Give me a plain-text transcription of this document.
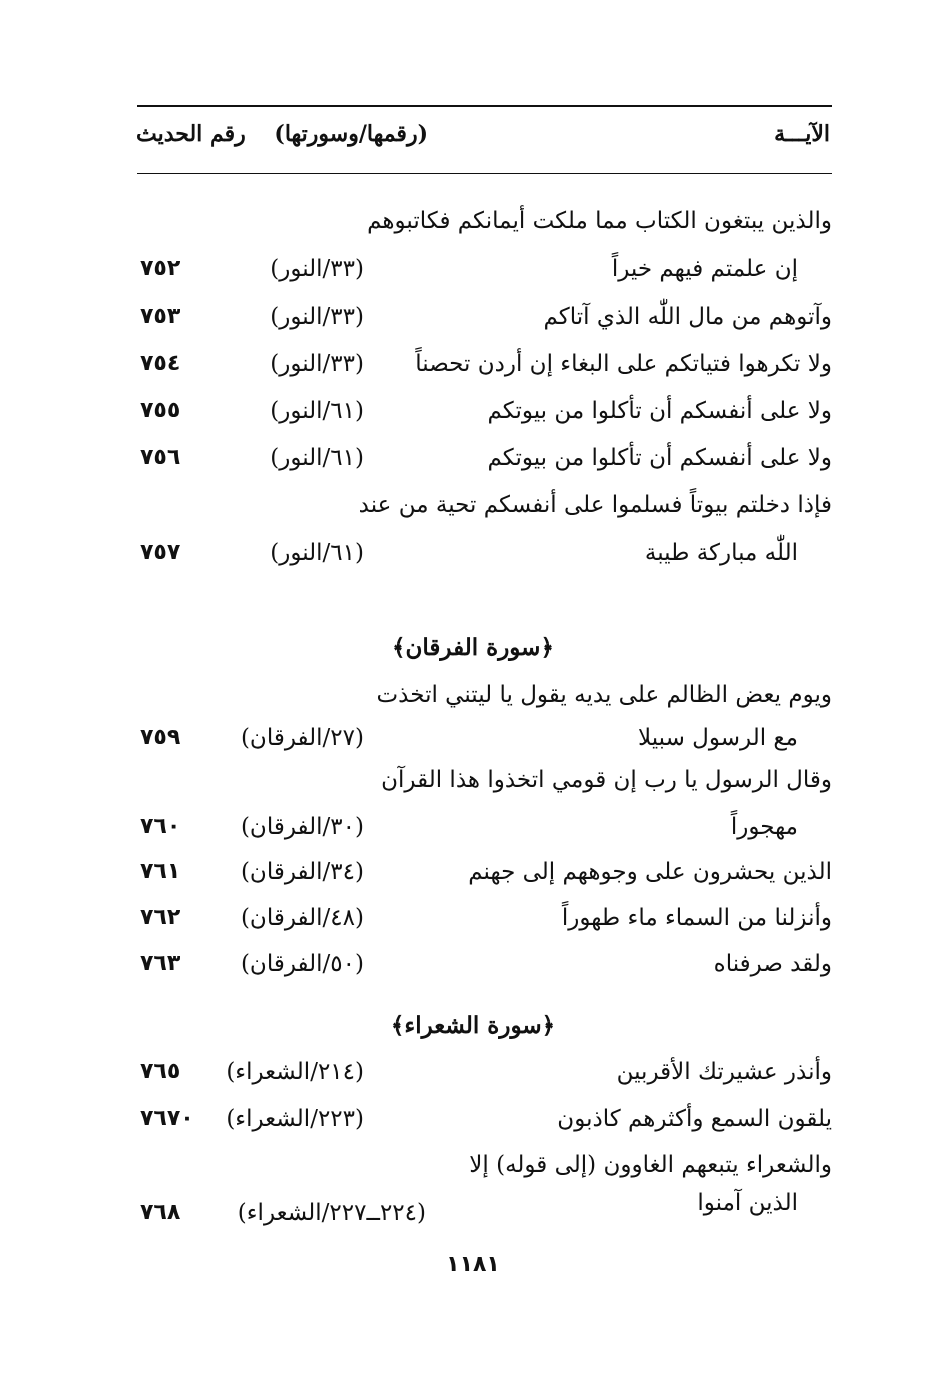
الآيـــة
(رقمها/وسورتها)
رقم الحديث
والذين يبتغون الكتاب مما ملكت أيمانكم فكاتبوهم
إن علمتم فيهم خيراً
(٣٣/النور)
٧٥٢
وآتوهم من مال اللّٰه الذي آتاكم
(٣٣/النور)
٧٥٣
ولا تكرهوا فتياتكم على البغاء إن أردن تحصناً
(٣٣/النور)
٧٥٤
ولا على أنفسكم أن تأكلوا من بيوتكم
(٦١/النور)
٧٥٥
ولا على أنفسكم أن تأكلوا من بيوتكم
(٦١/النور)
٧٥٦
فإذا دخلتم بيوتاً فسلموا على أنفسكم تحية من عند
اللّٰه مباركة طيبة
(٦١/النور)
٧٥٧
﴿سورة الفرقان﴾
ويوم يعض الظالم على يديه يقول يا ليتني اتخذت
مع الرسول سبيلا
(٢٧/الفرقان)
٧٥٩
وقال الرسول يا رب إن قومي اتخذوا هذا القرآن
مهجوراً
(٣٠/الفرقان)
٧٦٠
الذين يحشرون على وجوههم إلى جهنم
(٣٤/الفرقان)
٧٦١
وأنزلنا من السماء ماء طهوراً
(٤٨/الفرقان)
٧٦٢
ولقد صرفناه
(٥٠/الفرقان)
٧٦٣
﴿سورة الشعراء﴾
وأنذر عشيرتك الأقربين
(٢١٤/الشعراء)
٧٦٥
يلقون السمع وأكثرهم كاذبون
(٢٢٣/الشعراء)
٧٦٧٠
والشعراء يتبعهم الغاوون (إلى قوله) إلا
الذين آمنوا
(٢٢٤ــ٢٢٧/الشعراء)
٧٦٨
١١٨١
